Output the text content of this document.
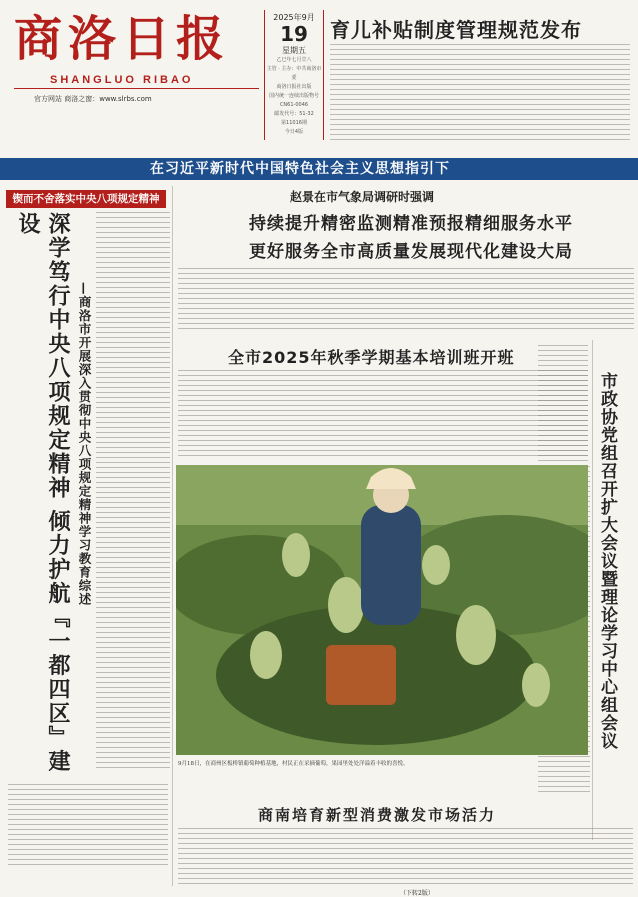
商洛日报
SHANGLUO RIBAO
官方网站 商洛之窗：www.slrbs.com
2025年9月
19
星期五
乙巳年七月廿八
主管 · 主办：中共商洛市委
商洛日报社出版
国内统一连续出版物号
CN61-0046
邮发代号：51-32
第11016期
今日4版
育儿补贴制度管理规范发布
在习近平新时代中国特色社会主义思想指引下
锲而不舍落实中央八项规定精神
深学笃行中央八项规定精神 倾力护航『一都四区』建设
—商洛市开展深入贯彻中央八项规定精神学习教育综述
赵景在市气象局调研时强调
持续提升精密监测精准预报精细服务水平
更好服务全市高质量发展现代化建设大局
全市2025年秋季学期基本培训班开班
市政协党组召开扩大会议暨理论学习中心组会议
9月18日，在商州区板桥镇葡萄种植基地，村民正在采摘葡萄，果园里处处洋溢着丰收的喜悦。
商南培育新型消费激发市场活力
（下转2版）
